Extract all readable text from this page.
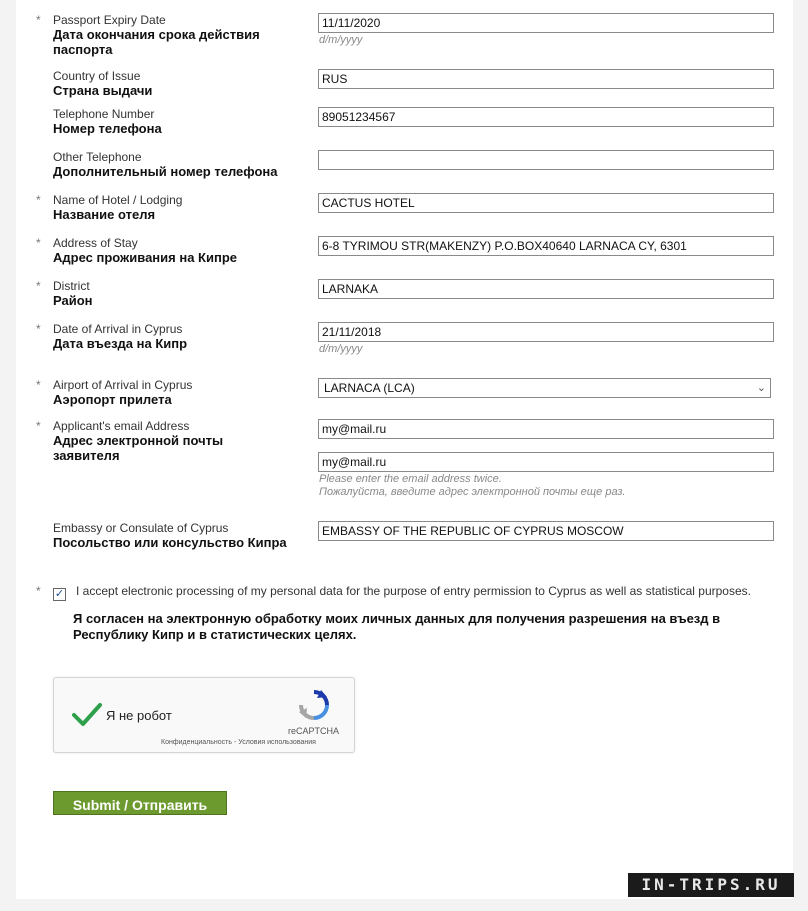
* Passport Expiry Date
Дата окончания срока действия паспорта
11/11/2020
d/m/yyyy
Country of Issue
Страна выдачи
RUS
Telephone Number
Номер телефона
89051234567
Other Telephone
Дополнительный номер телефона
* Name of Hotel / Lodging
Название отеля
CACTUS HOTEL
* Address of Stay
Адрес проживания на Кипре
6-8 TYRIMOU STR(MAKENZY) P.O.BOX40640 LARNACA CY, 6301
* District
Район
LARNAKA
* Date of Arrival in Cyprus
Дата въезда на Кипр
21/11/2018
d/m/yyyy
* Airport of Arrival in Cyprus
Аэропорт прилета
LARNACA (LCA)	⌄
* Applicant's email Address
Адрес электронной почты заявителя
my@mail.ru
my@mail.ru
Please enter the email address twice.
Пожалуйста, введите адрес электронной почты еще раз.
Embassy or Consulate of Cyprus
Посольство или консульство Кипра
EMBASSY OF THE REPUBLIC OF CYPRUS MOSCOW
* ✓ I accept electronic processing of my personal data for the purpose of entry permission to Cyprus as well as statistical purposes.
Я согласен на электронную обработку моих личных данных для получения разрешения на въезд в Республику Кипр и в статистических целях.
Я не робот
reCAPTCHA
Конфиденциальность - Условия использования
Submit / Отправить
IN-TRIPS.RU
